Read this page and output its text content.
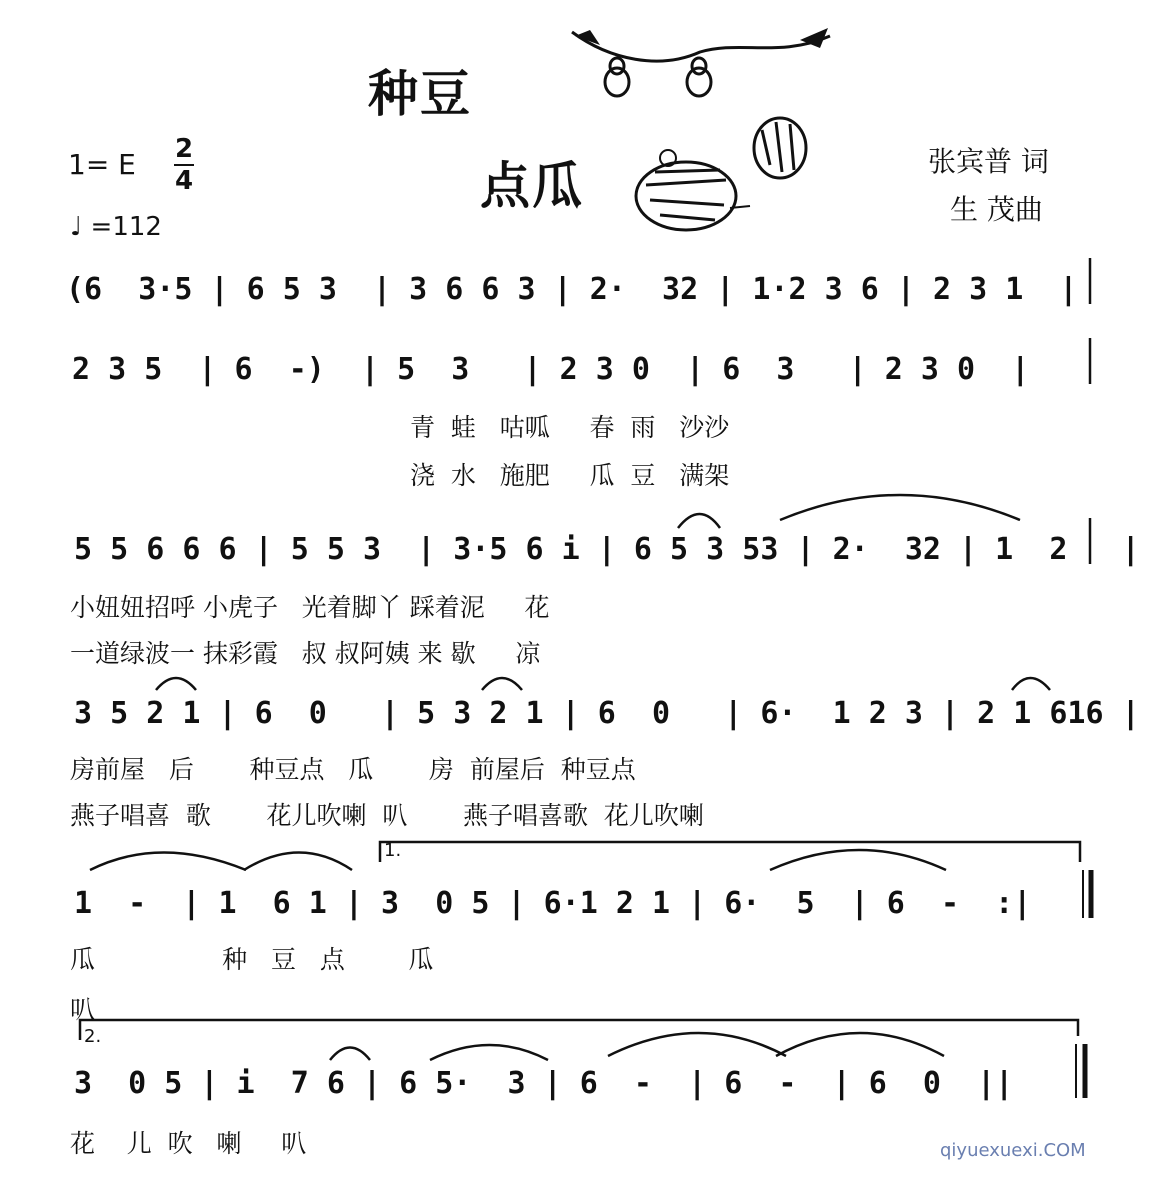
种豆
点瓜
1= E 2
4
♩ =112
张宾普 词
生 茂曲
(6  3·5 | 6 5 3  | 3 6 6 3 | 2·  32 | 1·2 3 6 | 2 3 1  |
2 3 5  | 6  -)  | 5  3   | 2 3 0  | 6  3   | 2 3 0  |
青  蛙   咕呱     春  雨   沙沙
浇  水   施肥     瓜  豆   满架
5 5 6 6 6 | 5 5 3  | 3·5 6 i | 6 5 3 53 | 2·  32 | 1  2   |
小妞妞招呼 小虎子   光着脚丫 踩着泥     花
一道绿波一 抹彩霞   叔 叔阿姨 来 歇     凉
3 5 2 1 | 6  0   | 5 3 2 1 | 6  0   | 6·  1 2 3 | 2 1 616 |
房前屋   后       种豆点   瓜       房  前屋后  种豆点
燕子唱喜  歌       花儿吹喇  叭       燕子唱喜歌  花儿吹喇
1.
1  -  | 1  6 1 | 3  0 5 | 6·1 2 1 | 6·  5  | 6  -  :|
瓜                种   豆   点        瓜
叭
2.
3  0 5 | i  7 6 | 6 5·  3 | 6  -  | 6  -  | 6  0  ||
花    儿  吹   喇     叭	qiyuexuexi.COM
